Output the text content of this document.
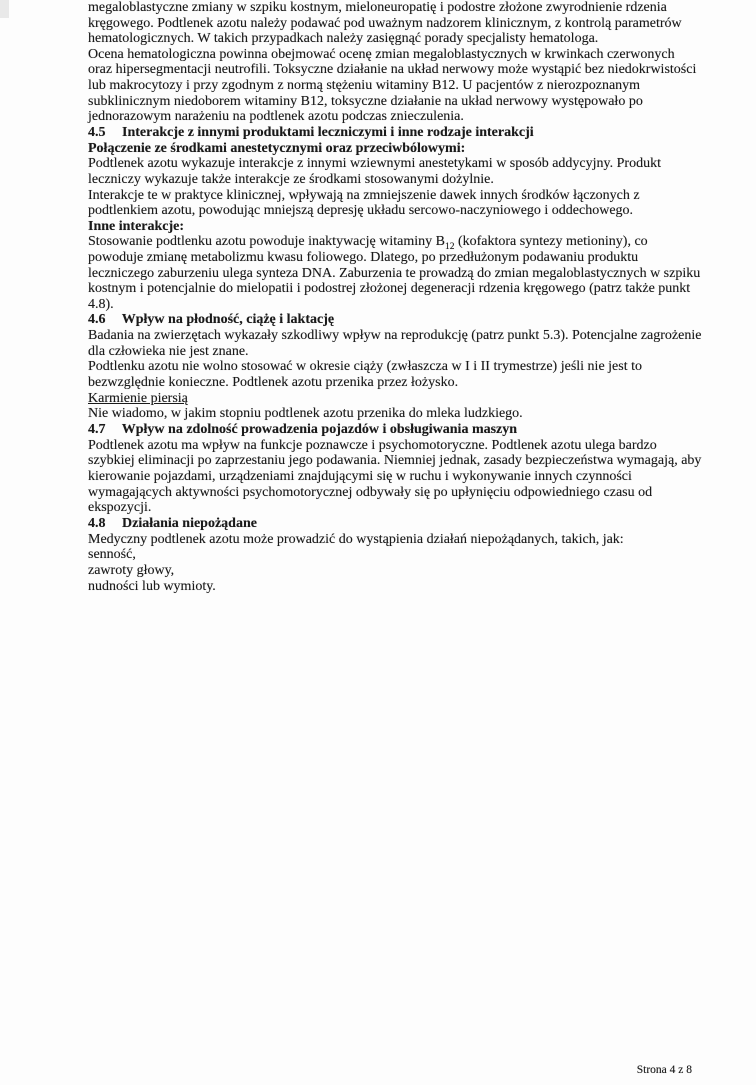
megaloblastyczne zmiany w szpiku kostnym, mieloneuropatię i podostre złożone zwyrodnienie rdzenia kręgowego. Podtlenek azotu należy podawać pod uważnym nadzorem klinicznym, z kontrolą parametrów hematologicznych. W takich przypadkach należy zasięgnąć porady specjalisty hematologa.

Ocena hematologiczna powinna obejmować ocenę zmian megaloblastycznych w krwinkach czerwonych oraz hipersegmentacji neutrofili. Toksyczne działanie na układ nerwowy może wystąpić bez niedokrwistości lub makrocytozy i przy zgodnym z normą stężeniu witaminy B12. U pacjentów z nierozpoznanym subklinicznym niedoborem witaminy B12, toksyczne działanie na układ nerwowy występowało po jednorazowym narażeniu na podtlenek azotu podczas znieczulenia.

4.5 Interakcje z innymi produktami leczniczymi i inne rodzaje interakcji

Połączenie ze środkami anestetycznymi oraz przeciwbólowymi:

Podtlenek azotu wykazuje interakcje z innymi wziewnymi anestetykami w sposób addycyjny. Produkt leczniczy wykazuje także interakcje ze środkami stosowanymi dożylnie.

Interakcje te w praktyce klinicznej, wpływają na zmniejszenie dawek innych środków łączonych z podtlenkiem azotu, powodując mniejszą depresję układu sercowo-naczyniowego i oddechowego.

Inne interakcje:

Stosowanie podtlenku azotu powoduje inaktywację witaminy $B_{12}$ (kofaktora syntezy metioniny), co powoduje zmianę metabolizmu kwasu foliowego. Dlatego, po przedłużonym podawaniu produktu leczniczego zaburzeniu ulega synteza DNA. Zaburzenia te prowadzą do zmian megaloblastycznych w szpiku kostnym i potencjalnie do mielopatii i podostrej złożonej degeneracji rdzenia kręgowego (patrz także punkt 4.8).

4.6 Wpływ na płodność, ciążę i laktację

Badania na zwierzętach wykazały szkodliwy wpływ na reprodukcję (patrz punkt 5.3). Potencjalne zagrożenie dla człowieka nie jest znane.

Podtlenku azotu nie wolno stosować w okresie ciąży (zwłaszcza w I i II trymestrze) jeśli nie jest to bezwzględnie konieczne. Podtlenek azotu przenika przez łożysko.

Karmienie piersią

Nie wiadomo, w jakim stopniu podtlenek azotu przenika do mleka ludzkiego.

4.7 Wpływ na zdolność prowadzenia pojazdów i obsługiwania maszyn

Podtlenek azotu ma wpływ na funkcje poznawcze i psychomotoryczne. Podtlenek azotu ulega bardzo szybkiej eliminacji po zaprzestaniu jego podawania. Niemniej jednak, zasady bezpieczeństwa wymagają, aby kierowanie pojazdami, urządzeniami znajdującymi się w ruchu i wykonywanie innych czynności wymagających aktywności psychomotorycznej odbywały się po upłynięciu odpowiedniego czasu od ekspozycji.

4.8 Działania niepożądane

Medyczny podtlenek azotu może prowadzić do wystąpienia działań niepożądanych, takich, jak:

senność,
zawroty głowy,
nudności lub wymioty.
Strona 4 z 8
